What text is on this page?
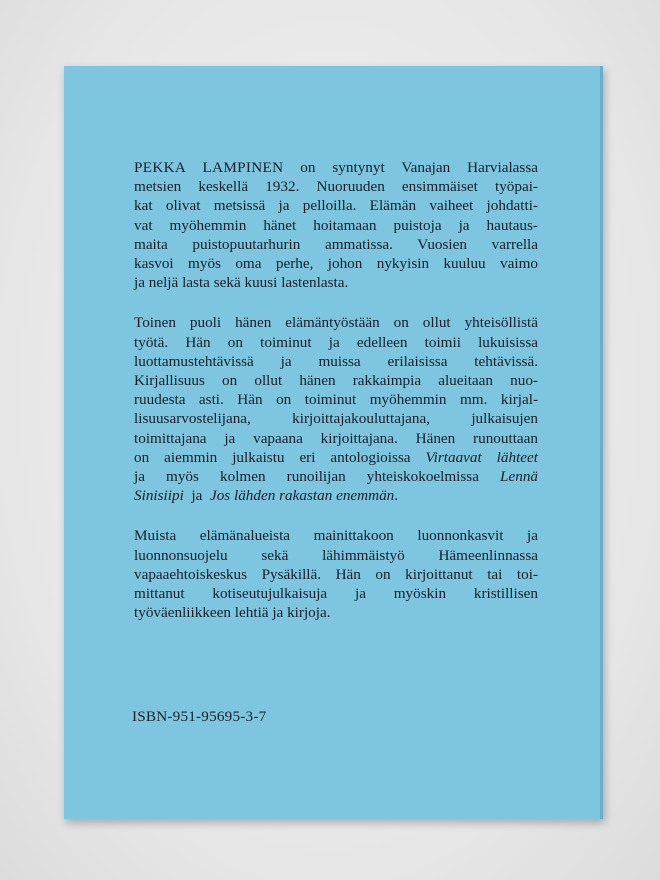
PEKKA LAMPINEN on syntynyt Vanajan Harvialassa
metsien keskellä 1932. Nuoruuden ensimmäiset työpai-
kat olivat metsissä ja pelloilla. Elämän vaiheet johdatti-
vat myöhemmin hänet hoitamaan puistoja ja hautaus-
maita puistopuutarhurin ammatissa. Vuosien varrella
kasvoi myös oma perhe, johon nykyisin kuuluu vaimo
ja neljä lasta sekä kuusi lastenlasta.

Toinen puoli hänen elämäntyöstään on ollut yhteisöllistä
työtä. Hän on toiminut ja edelleen toimii lukuisissa
luottamustehtävissä ja muissa erilaisissa tehtävissä.
Kirjallisuus on ollut hänen rakkaimpia alueitaan nuo-
ruudesta asti. Hän on toiminut myöhemmin mm. kirjal-
lisuusarvostelijana, kirjoittajakouluttajana, julkaisujen
toimittajana ja vapaana kirjoittajana. Hänen runouttaan
on aiemmin julkaistu eri antologioissa Virtaavat lähteet
ja myös kolmen runoilijan yhteiskokoelmissa Lennä
Sinisiipi  ja  Jos lähden rakastan enemmän.

Muista elämänalueista mainittakoon luonnonkasvit ja
luonnonsuojelu sekä lähimmäistyö Hämeenlinnassa
vapaaehtoiskeskus Pysäkillä. Hän on kirjoittanut tai toi-
mittanut kotiseutujulkaisuja ja myöskin kristillisen
työväenliikkeen lehtiä ja kirjoja.

ISBN-951-95695-3-7
